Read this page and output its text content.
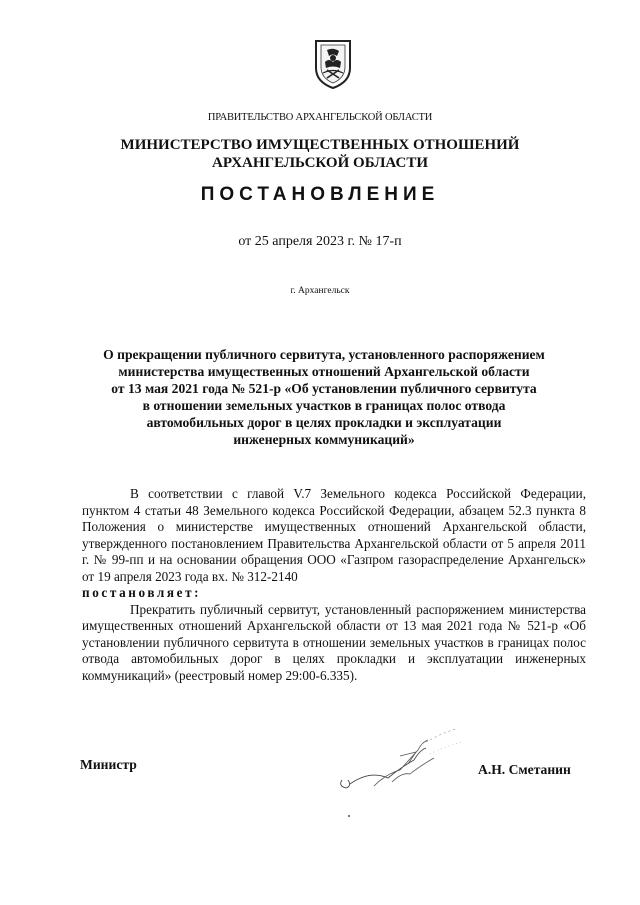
ПРАВИТЕЛЬСТВО АРХАНГЕЛЬСКОЙ ОБЛАСТИ
МИНИСТЕРСТВО ИМУЩЕСТВЕННЫХ ОТНОШЕНИЙ
АРХАНГЕЛЬСКОЙ ОБЛАСТИ
ПОСТАНОВЛЕНИЕ
от 25 апреля 2023 г. № 17-п
г. Архангельск
О прекращении публичного сервитута, установленного распоряжением
министерства имущественных отношений Архангельской области
от 13 мая 2021 года № 521-р «Об установлении публичного сервитута
в отношении земельных участков в границах полос отвода
автомобильных дорог в целях прокладки и эксплуатации
инженерных коммуникаций»

В соответствии с главой V.7 Земельного кодекса Российской Федерации, пунктом 4 статьи 48 Земельного кодекса Российской Федерации, абзацем 52.3 пункта 8 Положения о министерстве имущественных отношений Архангельской области, утвержденного постановлением Правительства Архангельской области от 5 апреля 2011 г. № 99-пп и на основании обращения ООО «Газпром газораспределение Архангельск» от 19 апреля 2023 года вх. № 312-2140

постановляет:

Прекратить публичный сервитут, установленный распоряжением министерства имущественных отношений Архангельской области от 13 мая 2021 года № 521-р «Об установлении публичного сервитута в отношении земельных участков в границах полос отвода автомобильных дорог в целях прокладки и эксплуатации инженерных коммуникаций» (реестровый номер 29:00-6.335).

Министр	А.Н. Сметанин
